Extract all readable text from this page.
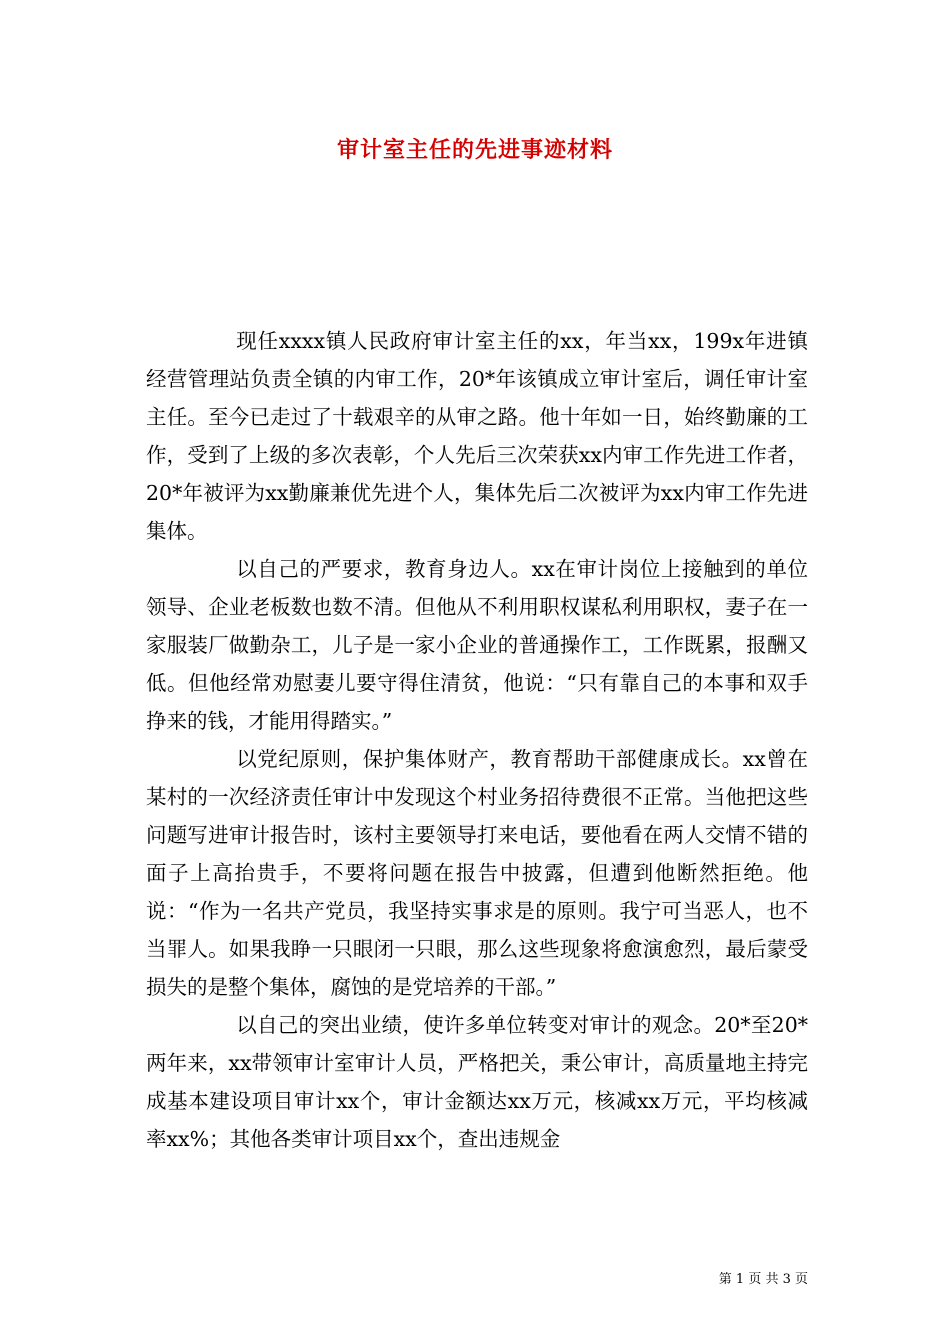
审计室主任的先进事迹材料

现任xxxx镇人民政府审计室主任的xx，年当xx，199x年进镇经营管理站负责全镇的内审工作，20*年该镇成立审计室后，调任审计室主任。至今已走过了十载艰辛的从审之路。他十年如一日，始终勤廉的工作，受到了上级的多次表彰，个人先后三次荣获xx内审工作先进工作者，20*年被评为xx勤廉兼优先进个人，集体先后二次被评为xx内审工作先进集体。

以自己的严要求，教育身边人。xx在审计岗位上接触到的单位领导、企业老板数也数不清。但他从不利用职权谋私利用职权，妻子在一家服装厂做勤杂工，儿子是一家小企业的普通操作工，工作既累，报酬又低。但他经常劝慰妻儿要守得住清贫，他说：“只有靠自己的本事和双手挣来的钱，才能用得踏实。”

以党纪原则，保护集体财产，教育帮助干部健康成长。xx曾在某村的一次经济责任审计中发现这个村业务招待费很不正常。当他把这些问题写进审计报告时，该村主要领导打来电话，要他看在两人交情不错的面子上高抬贵手，不要将问题在报告中披露，但遭到他断然拒绝。他说：“作为一名共产党员，我坚持实事求是的原则。我宁可当恶人，也不当罪人。如果我睁一只眼闭一只眼，那么这些现象将愈演愈烈，最后蒙受损失的是整个集体，腐蚀的是党培养的干部。”

以自己的突出业绩，使许多单位转变对审计的观念。20*至20*两年来，xx带领审计室审计人员，严格把关，秉公审计，高质量地主持完成基本建设项目审计xx个，审计金额达xx万元，核减xx万元，平均核减率xx%；其他各类审计项目xx个，查出违规金

第 1 页 共 3 页
